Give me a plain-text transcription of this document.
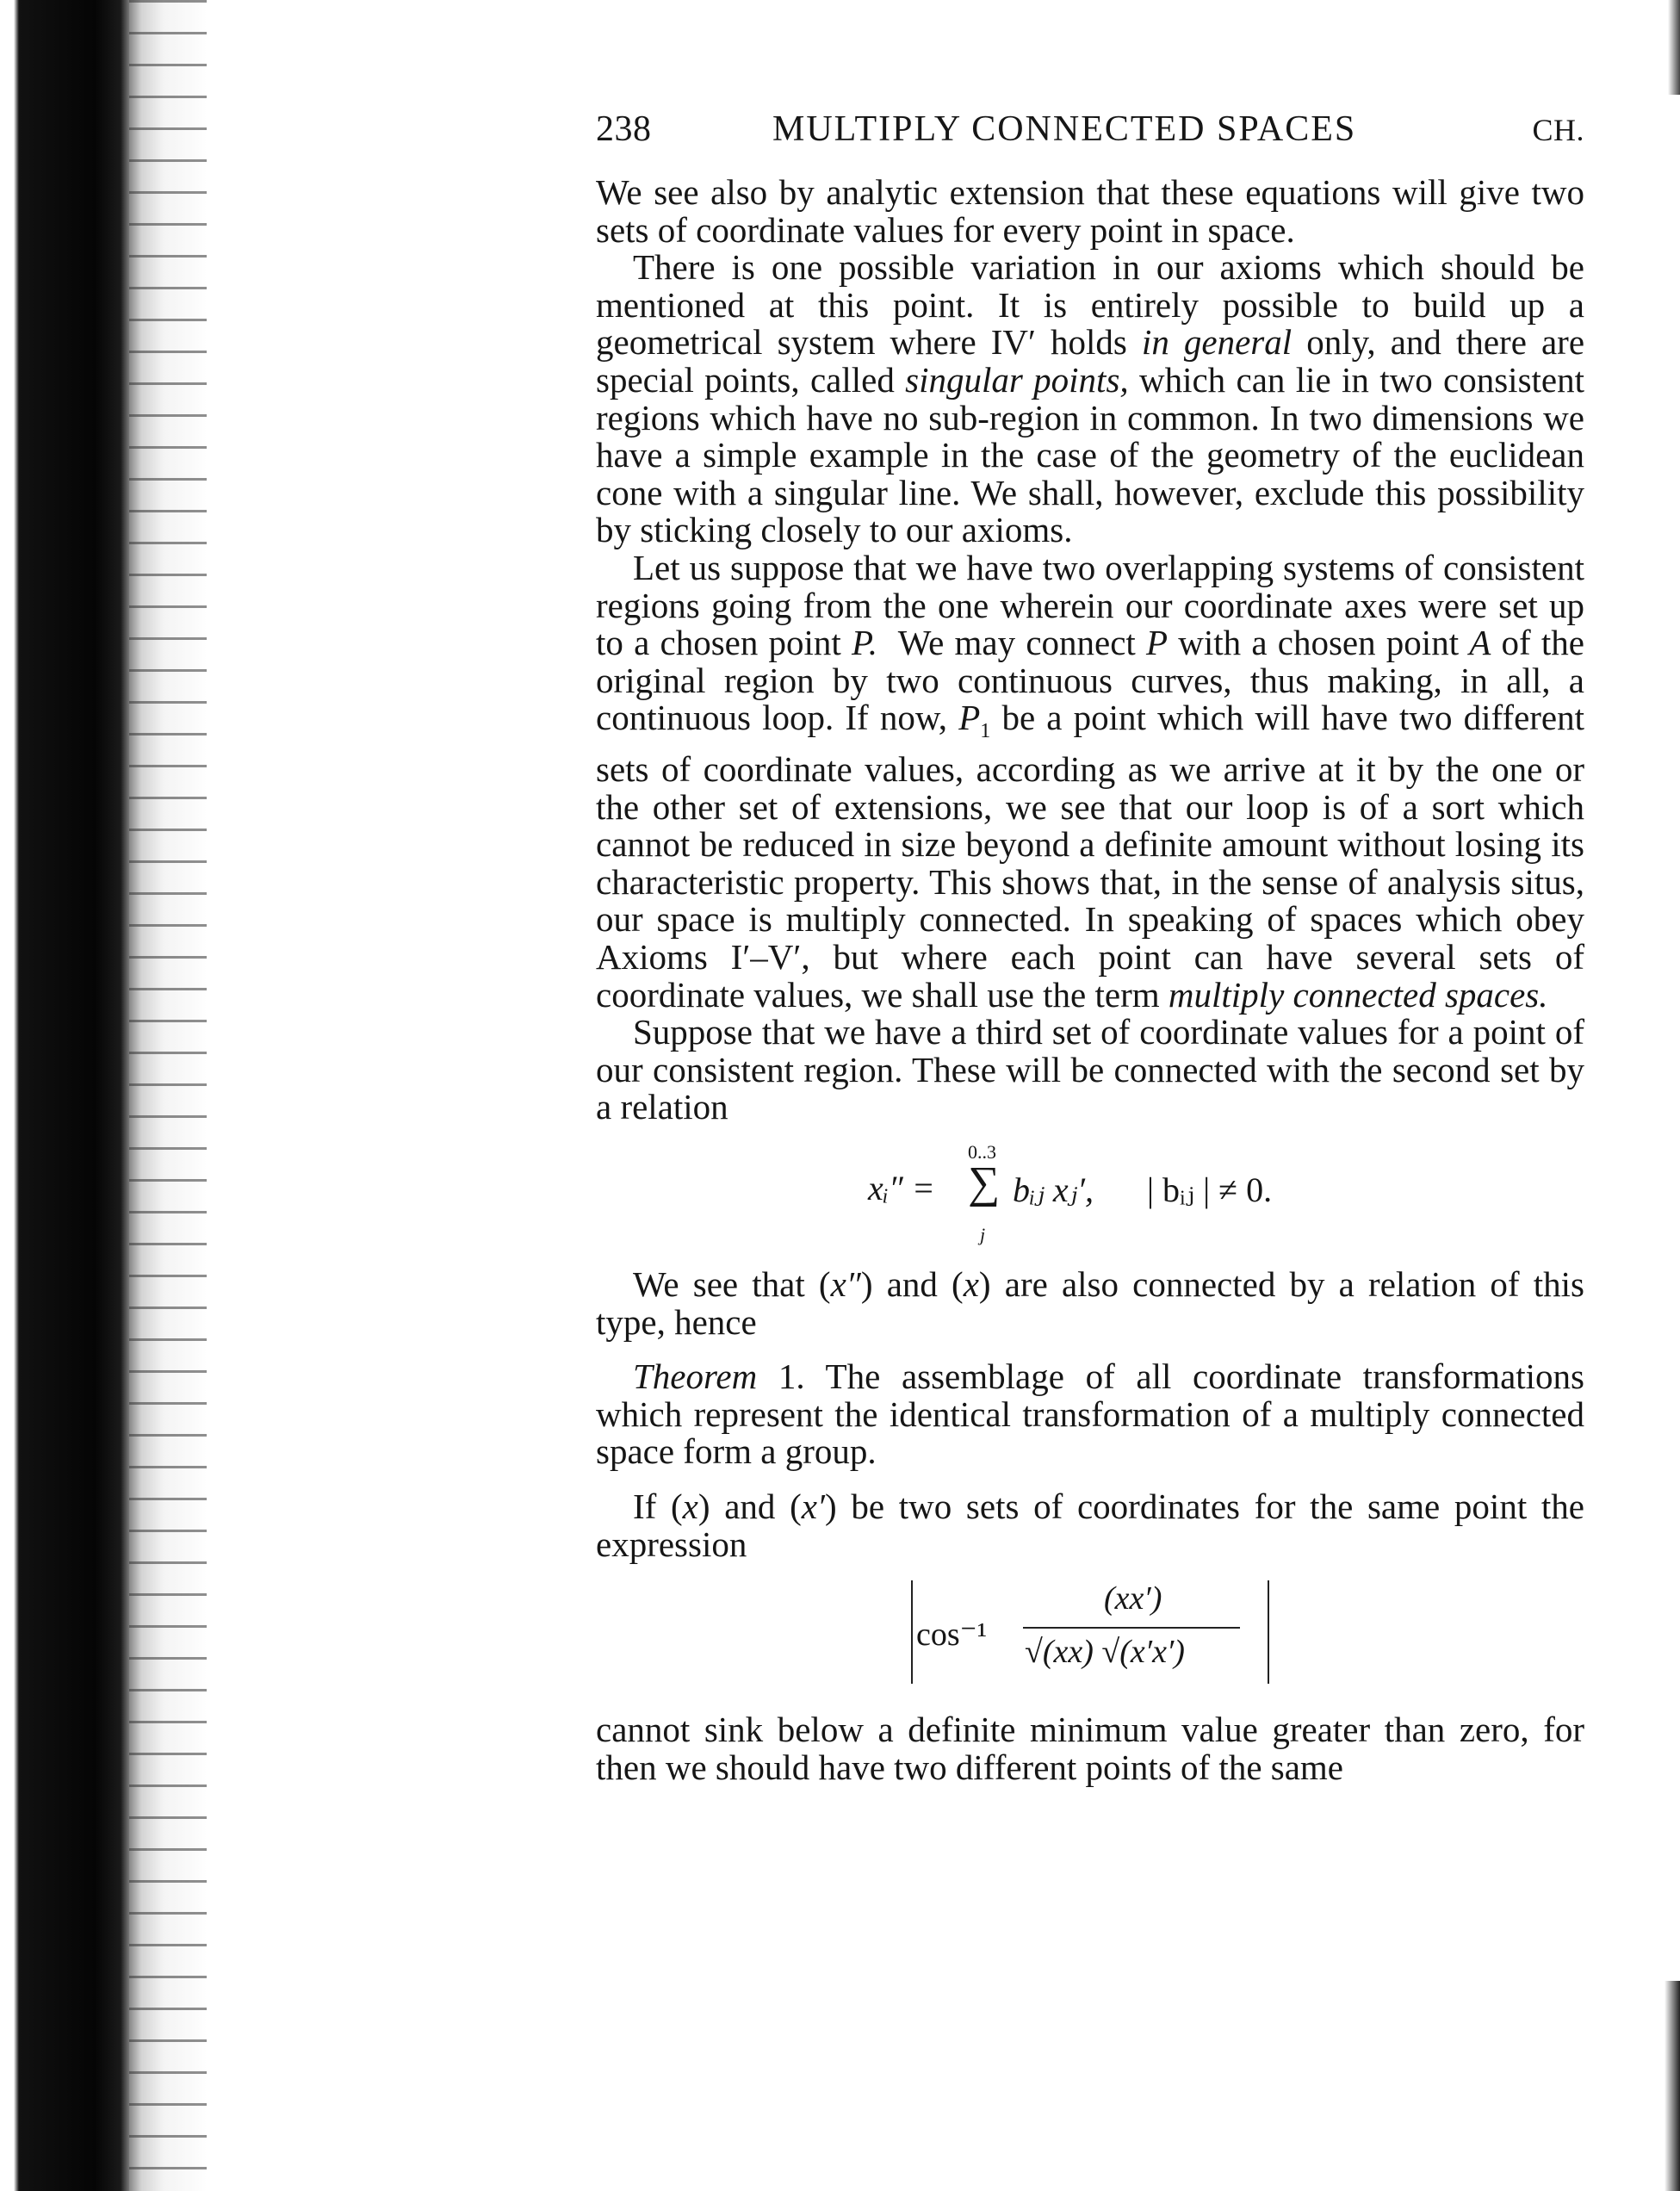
238	MULTIPLY CONNECTED SPACES	CH.

We see also by analytic extension that these equations will give two sets of coordinate values for every point in space.

There is one possible variation in our axioms which should be mentioned at this point. It is entirely possible to build up a geometrical system where IV′ holds in general only, and there are special points, called singular points, which can lie in two consistent regions which have no sub-region in common. In two dimensions we have a simple example in the case of the geometry of the euclidean cone with a singular line. We shall, however, exclude this possibility by sticking closely to our axioms.

Let us suppose that we have two overlapping systems of consistent regions going from the one wherein our coordinate axes were set up to a chosen point P. We may connect P with a chosen point A of the original region by two continuous curves, thus making, in all, a continuous loop. If now, $P_1$ be a point which will have two different sets of coordinate values, according as we arrive at it by the one or the other set of extensions, we see that our loop is of a sort which cannot be reduced in size beyond a definite amount without losing its characteristic property. This shows that, in the sense of analysis situs, our space is multiply connected. In speaking of spaces which obey Axioms I′–V′, but where each point can have several sets of coordinate values, we shall use the term multiply connected spaces.

Suppose that we have a third set of coordinate values for a point of our consistent region. These will be connected with the second set by a relation

xᵢ″ =
0..3
∑
j
bᵢⱼ xⱼ′, | bᵢⱼ | ≠ 0.

We see that (x″) and (x) are also connected by a relation of this type, hence

Theorem 1. The assemblage of all coordinate transformations which represent the identical transformation of a multiply connected space form a group.

If (x) and (x′) be two sets of coordinates for the same point the expression

cos⁻¹
(xx′)
√(xx) √(x′x′)

cannot sink below a definite minimum value greater than zero, for then we should have two different points of the same
